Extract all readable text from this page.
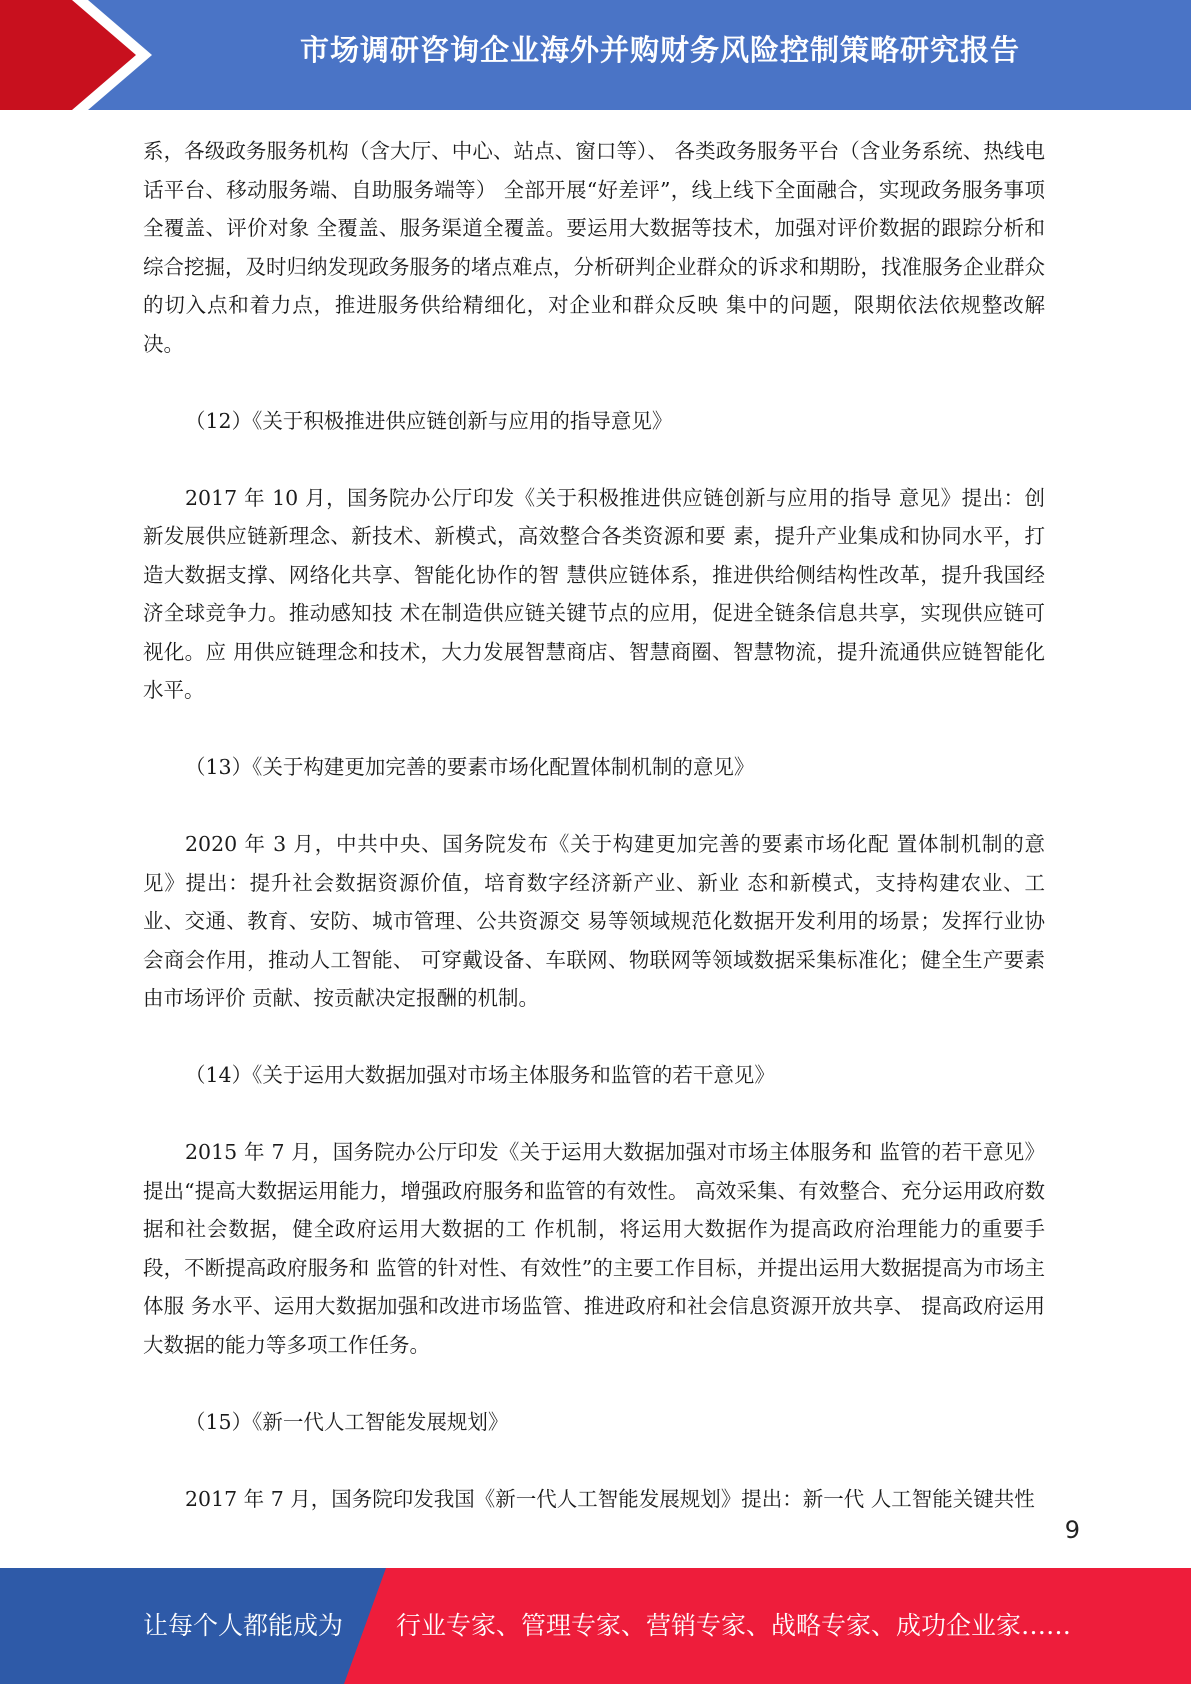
市场调研咨询企业海外并购财务风险控制策略研究报告

系，各级政务服务机构（含大厅、中心、站点、窗口等）、 各类政务服务平台（含业务系统、热线电话平台、移动服务端、自助服务端等） 全部开展“好差评”，线上线下全面融合，实现政务服务事项全覆盖、评价对象 全覆盖、服务渠道全覆盖。要运用大数据等技术，加强对评价数据的跟踪分析和 综合挖掘，及时归纳发现政务服务的堵点难点，分析研判企业群众的诉求和期盼，找准服务企业群众的切入点和着力点，推进服务供给精细化，对企业和群众反映 集中的问题，限期依法依规整改解决。

（12）《关于积极推进供应链创新与应用的指导意见》

2017 年 10 月，国务院办公厅印发《关于积极推进供应链创新与应用的指导 意见》提出：创新发展供应链新理念、新技术、新模式，高效整合各类资源和要 素，提升产业集成和协同水平，打造大数据支撑、网络化共享、智能化协作的智 慧供应链体系，推进供给侧结构性改革，提升我国经济全球竞争力。推动感知技 术在制造供应链关键节点的应用，促进全链条信息共享，实现供应链可视化。应 用供应链理念和技术，大力发展智慧商店、智慧商圈、智慧物流，提升流通供应链智能化水平。

（13）《关于构建更加完善的要素市场化配置体制机制的意见》

2020 年 3 月，中共中央、国务院发布《关于构建更加完善的要素市场化配 置体制机制的意见》提出：提升社会数据资源价值，培育数字经济新产业、新业 态和新模式，支持构建农业、工业、交通、教育、安防、城市管理、公共资源交 易等领域规范化数据开发利用的场景；发挥行业协会商会作用，推动人工智能、 可穿戴设备、车联网、物联网等领域数据采集标准化；健全生产要素由市场评价 贡献、按贡献决定报酬的机制。

（14）《关于运用大数据加强对市场主体服务和监管的若干意见》

2015 年 7 月，国务院办公厅印发《关于运用大数据加强对市场主体服务和 监管的若干意见》提出“提高大数据运用能力，增强政府服务和监管的有效性。 高效采集、有效整合、充分运用政府数据和社会数据，健全政府运用大数据的工 作机制，将运用大数据作为提高政府治理能力的重要手段，不断提高政府服务和 监管的针对性、有效性”的主要工作目标，并提出运用大数据提高为市场主体服 务水平、运用大数据加强和改进市场监管、推进政府和社会信息资源开放共享、 提高政府运用大数据的能力等多项工作任务。

（15）《新一代人工智能发展规划》

2017 年 7 月，国务院印发我国《新一代人工智能发展规划》提出：新一代 人工智能关键共性

9
让每个人都能成为 行业专家、管理专家、营销专家、战略专家、成功企业家……
